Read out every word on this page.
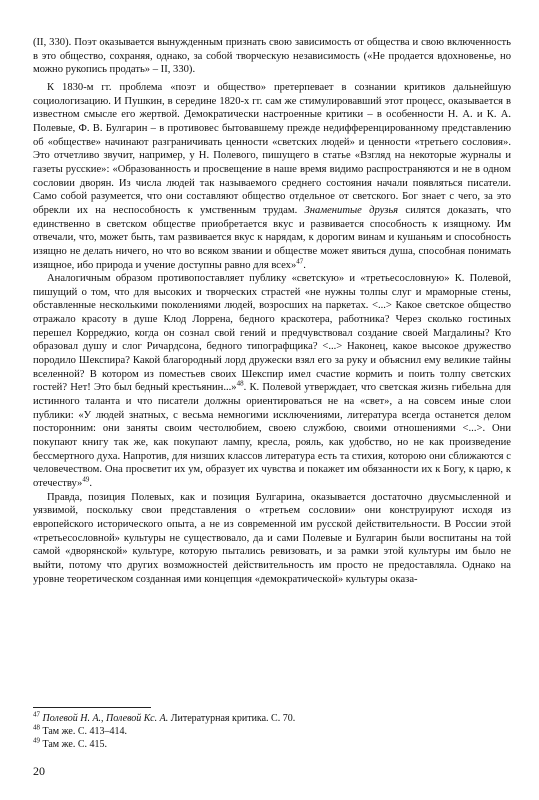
(II, 330). Поэт оказывается вынужденным признать свою зависимость от общества и свою включенность в это общество, сохраняя, однако, за собой творческую независимость («Не продается вдохновенье, но можно рукопись продать» – II, 330).

К 1830-м гг. проблема «поэт и общество» претерпевает в сознании критиков дальнейшую социологизацию. И Пушкин, в середине 1820-х гг. сам же стимулировавший этот процесс, оказывается в известном смысле его жертвой. Демократически настроенные критики – в особенности Н. А. и К. А. Полевые, Ф. В. Булгарин – в противовес бытовавшему прежде недифференцированному представлению об «обществе» начинают разграничивать ценности «светских людей» и ценности «третьего сословия». Это отчетливо звучит, например, у Н. Полевого, пишущего в статье «Взгляд на некоторые журналы и газеты русские»: «Образованность и просвещение в наше время видимо распространяются и не в одном сословии дворян. Из числа людей так называемого среднего состояния начали появляться писатели. Само собой разумеется, что они составляют общество отдельное от светского. Бог знает с чего, за это обрекли их на неспособность к умственным трудам. Знаменитые друзья силятся доказать, что единственно в светском обществе приобретается вкус и развивается способность к изящному. Им отвечали, что, может быть, там развивается вкус к нарядам, к дорогим винам и кушаньям и способность изящно не делать ничего, но что во всяком звании и обществе может явиться душа, способная понимать изящное, ибо природа и учение доступны равно для всех»$^{47}$.

Аналогичным образом противопоставляет публику «светскую» и «третьесословную» К. Полевой, пишущий о том, что для высоких и творческих страстей «не нужны толпы слуг и мраморные стены, обставленные несколькими поколениями людей, возросших на паркетах. <...> Какое светское общество отражало красоту в душе Клод Лоррена, бедного краскотера, работника? Через сколько гостиных перешел Корреджио, когда он сознал свой гений и предчувствовал создание своей Магдалины? Кто образовал душу и слог Ричардсона, бедного типографщика? <...> Наконец, какое высокое дружество породило Шекспира? Какой благородный лорд дружески взял его за руку и объяснил ему великие тайны вселенной? В котором из поместьев своих Шекспир имел счастие кормить и поить толпу светских гостей? Нет! Это был бедный крестьянин...»$^{48}$. К. Полевой утверждает, что светская жизнь гибельна для истинного таланта и что писатели должны ориентироваться не на «свет», а на совсем иные слои публики: «У людей знатных, с весьма немногими исключениями, литература всегда останется делом посторонним: они заняты своим честолюбием, своею службою, своими отношениями <...>. Они покупают книгу так же, как покупают лампу, кресла, рояль, как удобство, но не как произведение бессмертного духа. Напротив, для низших классов литература есть та стихия, которою они сближаются с человечеством. Она просветит их ум, образует их чувства и покажет им обязанности их к Богу, к царю, к отечеству»$^{49}$.

Правда, позиция Полевых, как и позиция Булгарина, оказывается достаточно двусмысленной и уязвимой, поскольку свои представления о «третьем сословии» они конструируют исходя из европейского исторического опыта, а не из современной им русской действительности. В России этой «третьесословной» культуры не существовало, да и сами Полевые и Булгарин были воспитаны на той самой «дворянской» культуре, которую пытались ревизовать, и за рамки этой культуры им было не выйти, потому что других возможностей действительность им просто не предоставляла. Однако на уровне теоретическом созданная ими концепция «демократической» культуры оказа-

$^{47}$ Полевой Н. А., Полевой Кс. А. Литературная критика. С. 70.

$^{48}$ Там же. С. 413–414.

$^{49}$ Там же. С. 415.

20
